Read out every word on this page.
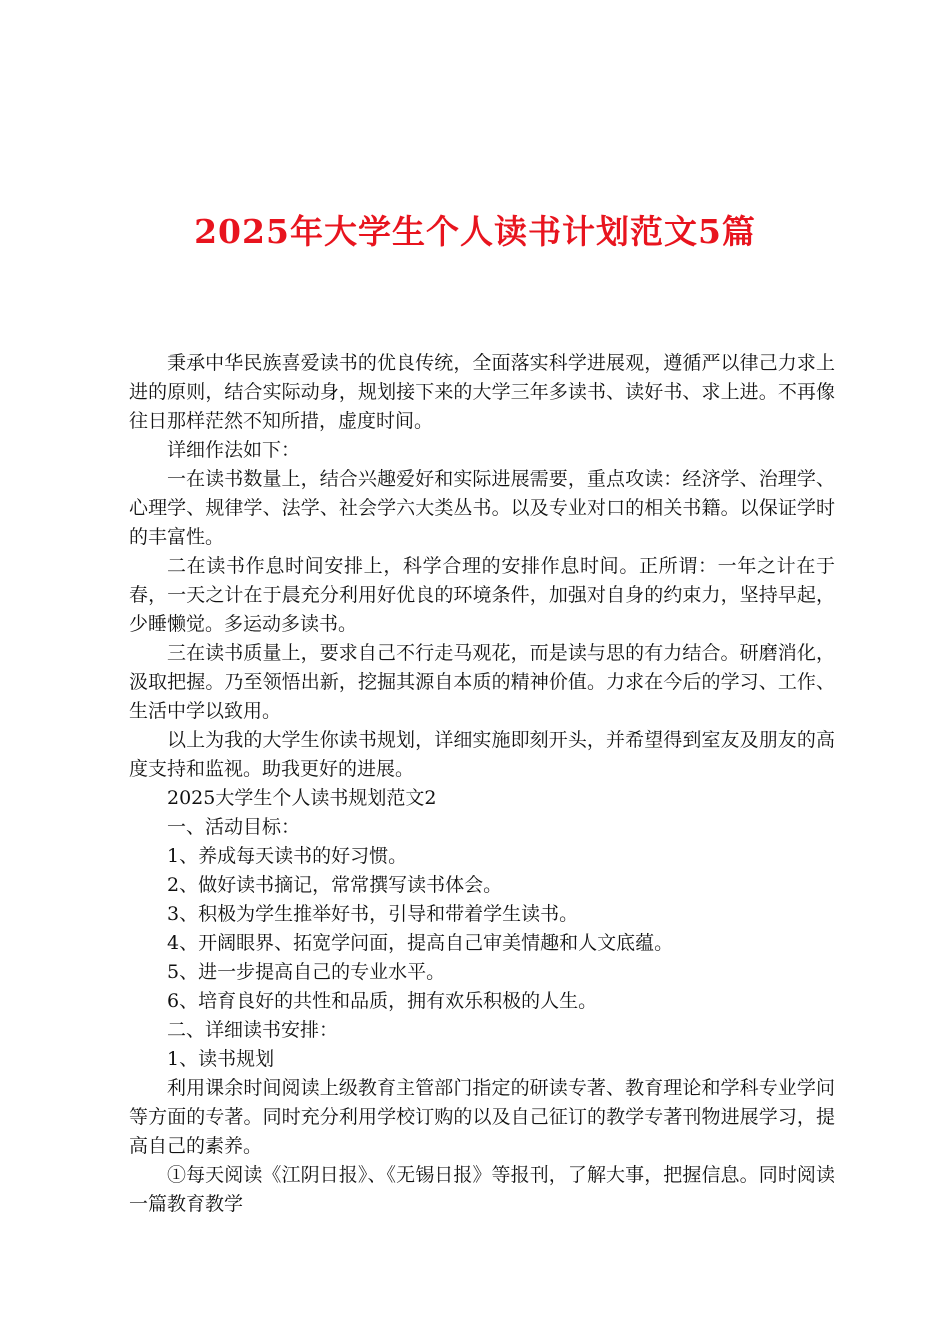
2025年大学生个人读书计划范文5篇

秉承中华民族喜爱读书的优良传统，全面落实科学进展观，遵循严以律己力求上进的原则，结合实际动身，规划接下来的大学三年多读书、读好书、求上进。不再像往日那样茫然不知所措，虚度时间。

详细作法如下：

一在读书数量上，结合兴趣爱好和实际进展需要，重点攻读：经济学、治理学、心理学、规律学、法学、社会学六大类丛书。以及专业对口的相关书籍。以保证学时的丰富性。

二在读书作息时间安排上，科学合理的安排作息时间。正所谓：一年之计在于春，一天之计在于晨充分利用好优良的环境条件，加强对自身的约束力，坚持早起，少睡懒觉。多运动多读书。

三在读书质量上，要求自己不行走马观花，而是读与思的有力结合。研磨消化，汲取把握。乃至领悟出新，挖掘其源自本质的精神价值。力求在今后的学习、工作、生活中学以致用。

以上为我的大学生你读书规划，详细实施即刻开头，并希望得到室友及朋友的高度支持和监视。助我更好的进展。

2025大学生个人读书规划范文2

一、活动目标：

1、养成每天读书的好习惯。

2、做好读书摘记，常常撰写读书体会。

3、积极为学生推举好书，引导和带着学生读书。

4、开阔眼界、拓宽学问面，提高自己审美情趣和人文底蕴。

5、进一步提高自己的专业水平。

6、培育良好的共性和品质，拥有欢乐积极的人生。

二、详细读书安排：

1、读书规划

利用课余时间阅读上级教育主管部门指定的研读专著、教育理论和学科专业学问等方面的专著。同时充分利用学校订购的以及自己征订的教学专著刊物进展学习，提高自己的素养。

①每天阅读《江阴日报》、《无锡日报》等报刊，了解大事，把握信息。同时阅读一篇教育教学
